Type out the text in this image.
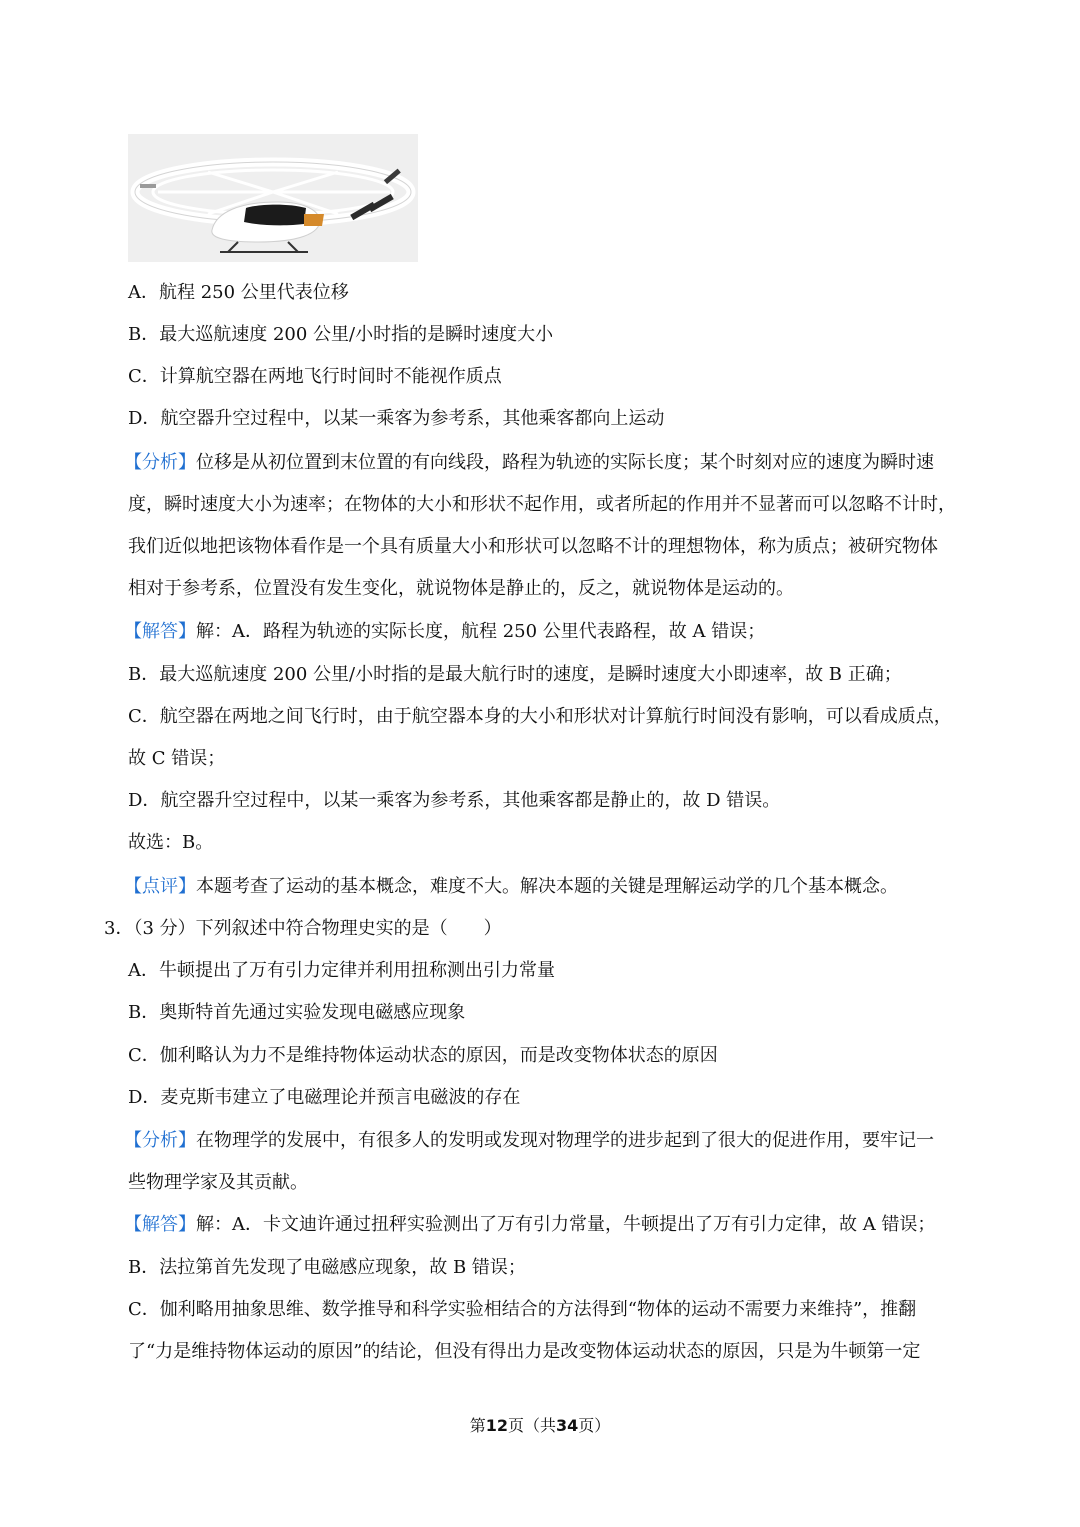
A．航程 250 公里代表位移
B．最大巡航速度 200 公里/小时指的是瞬时速度大小
C．计算航空器在两地飞行时间时不能视作质点
D．航空器升空过程中，以某一乘客为参考系，其他乘客都向上运动
【分析】位移是从初位置到末位置的有向线段，路程为轨迹的实际长度；某个时刻对应的速度为瞬时速
度，瞬时速度大小为速率；在物体的大小和形状不起作用，或者所起的作用并不显著而可以忽略不计时，
我们近似地把该物体看作是一个具有质量大小和形状可以忽略不计的理想物体，称为质点；被研究物体
相对于参考系，位置没有发生变化，就说物体是静止的，反之，就说物体是运动的。
【解答】解：A．路程为轨迹的实际长度，航程 250 公里代表路程，故 A 错误；
B．最大巡航速度 200 公里/小时指的是最大航行时的速度，是瞬时速度大小即速率，故 B 正确；
C．航空器在两地之间飞行时，由于航空器本身的大小和形状对计算航行时间没有影响，可以看成质点，
故 C 错误；
D．航空器升空过程中，以某一乘客为参考系，其他乘客都是静止的，故 D 错误。
故选：B。
【点评】本题考查了运动的基本概念，难度不大。解决本题的关键是理解运动学的几个基本概念。
3．（3 分）下列叙述中符合物理史实的是（　　）
A．牛顿提出了万有引力定律并利用扭称测出引力常量
B．奥斯特首先通过实验发现电磁感应现象
C．伽利略认为力不是维持物体运动状态的原因，而是改变物体状态的原因
D．麦克斯韦建立了电磁理论并预言电磁波的存在
【分析】在物理学的发展中，有很多人的发明或发现对物理学的进步起到了很大的促进作用，要牢记一
些物理学家及其贡献。
【解答】解：A．卡文迪许通过扭秤实验测出了万有引力常量，牛顿提出了万有引力定律，故 A 错误；
B．法拉第首先发现了电磁感应现象，故 B 错误；
C．伽利略用抽象思维、数学推导和科学实验相结合的方法得到“物体的运动不需要力来维持”，推翻
了“力是维持物体运动的原因”的结论，但没有得出力是改变物体运动状态的原因，只是为牛顿第一定
第12页（共34页）
